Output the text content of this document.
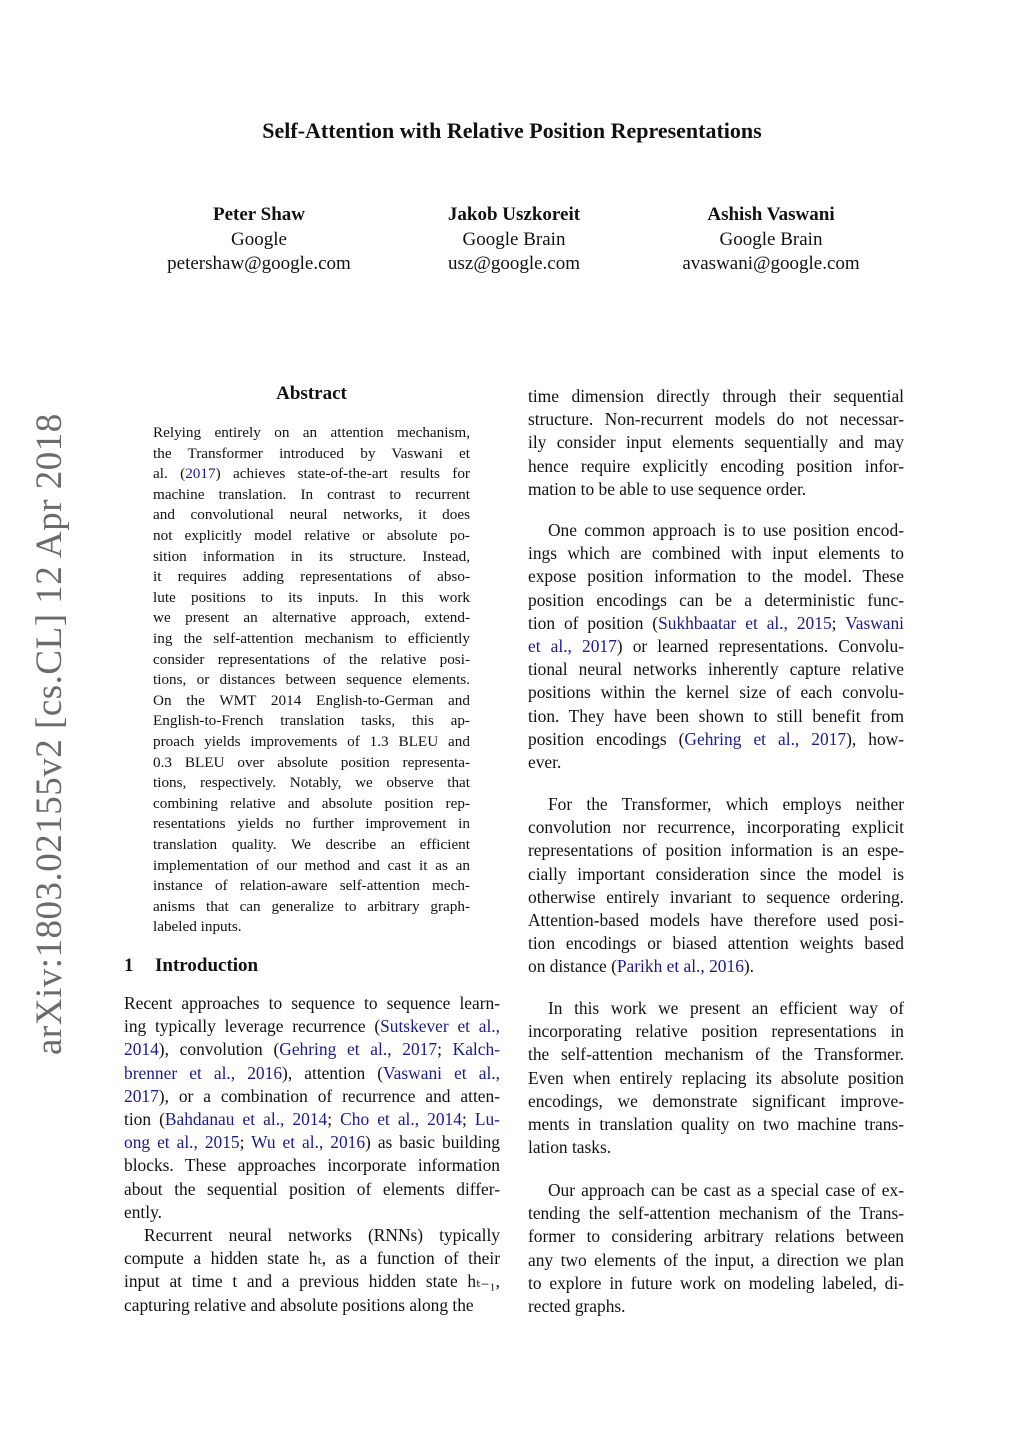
Self-Attention with Relative Position Representations
Peter Shaw
Google
petershaw@google.com
Jakob Uszkoreit
Google Brain
usz@google.com
Ashish Vaswani
Google Brain
avaswani@google.com
arXiv:1803.02155v2 [cs.CL] 12 Apr 2018
Abstract
Relying entirely on an attention mechanism,
the Transformer introduced by Vaswani et
al. (2017) achieves state-of-the-art results for
machine translation. In contrast to recurrent
and convolutional neural networks, it does
not explicitly model relative or absolute po-
sition information in its structure. Instead,
it requires adding representations of abso-
lute positions to its inputs. In this work
we present an alternative approach, extend-
ing the self-attention mechanism to efficiently
consider representations of the relative posi-
tions, or distances between sequence elements.
On the WMT 2014 English-to-German and
English-to-French translation tasks, this ap-
proach yields improvements of 1.3 BLEU and
0.3 BLEU over absolute position representa-
tions, respectively. Notably, we observe that
combining relative and absolute position rep-
resentations yields no further improvement in
translation quality. We describe an efficient
implementation of our method and cast it as an
instance of relation-aware self-attention mech-
anisms that can generalize to arbitrary graph-
labeled inputs.
1 Introduction
Recent approaches to sequence to sequence learn-
ing typically leverage recurrence (Sutskever et al.,
2014), convolution (Gehring et al., 2017; Kalch-
brenner et al., 2016), attention (Vaswani et al.,
2017), or a combination of recurrence and atten-
tion (Bahdanau et al., 2014; Cho et al., 2014; Lu-
ong et al., 2015; Wu et al., 2016) as basic building
blocks. These approaches incorporate information
about the sequential position of elements differ-
ently.
Recurrent neural networks (RNNs) typically
compute a hidden state hₜ, as a function of their
input at time t and a previous hidden state hₜ₋₁,
capturing relative and absolute positions along the
time dimension directly through their sequential
structure. Non-recurrent models do not necessar-
ily consider input elements sequentially and may
hence require explicitly encoding position infor-
mation to be able to use sequence order.
One common approach is to use position encod-
ings which are combined with input elements to
expose position information to the model. These
position encodings can be a deterministic func-
tion of position (Sukhbaatar et al., 2015; Vaswani
et al., 2017) or learned representations. Convolu-
tional neural networks inherently capture relative
positions within the kernel size of each convolu-
tion. They have been shown to still benefit from
position encodings (Gehring et al., 2017), how-
ever.
For the Transformer, which employs neither
convolution nor recurrence, incorporating explicit
representations of position information is an espe-
cially important consideration since the model is
otherwise entirely invariant to sequence ordering.
Attention-based models have therefore used posi-
tion encodings or biased attention weights based
on distance (Parikh et al., 2016).
In this work we present an efficient way of
incorporating relative position representations in
the self-attention mechanism of the Transformer.
Even when entirely replacing its absolute position
encodings, we demonstrate significant improve-
ments in translation quality on two machine trans-
lation tasks.
Our approach can be cast as a special case of ex-
tending the self-attention mechanism of the Trans-
former to considering arbitrary relations between
any two elements of the input, a direction we plan
to explore in future work on modeling labeled, di-
rected graphs.
